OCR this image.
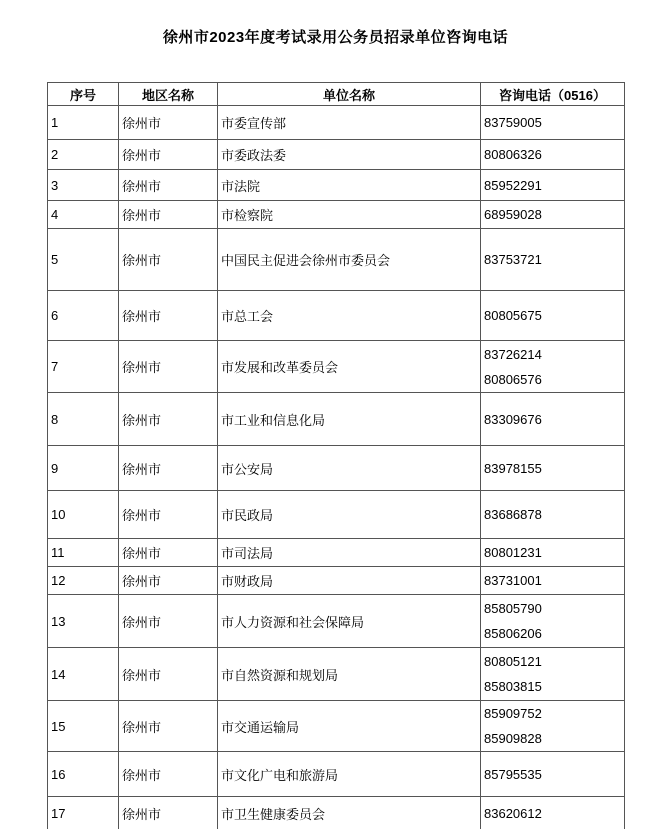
徐州市2023年度考试录用公务员招录单位咨询电话
序号	地区名称	单位名称	咨询电话（0516）
1	徐州市	市委宣传部	83759005

2	徐州市	市委政法委	80806326

3	徐州市	市法院	85952291

4	徐州市	市检察院	68959028

5	徐州市	中国民主促进会徐州市委员会	83753721

6	徐州市	市总工会	80805675

7	徐州市	市发展和改革委员会	83726214
80806576

8	徐州市	市工业和信息化局	83309676

9	徐州市	市公安局	83978155

10	徐州市	市民政局	83686878

11	徐州市	市司法局	80801231

12	徐州市	市财政局	83731001

13	徐州市	市人力资源和社会保障局	85805790
85806206

14	徐州市	市自然资源和规划局	80805121
85803815

15	徐州市	市交通运输局	85909752
85909828

16	徐州市	市文化广电和旅游局	85795535

17	徐州市	市卫生健康委员会	83620612
